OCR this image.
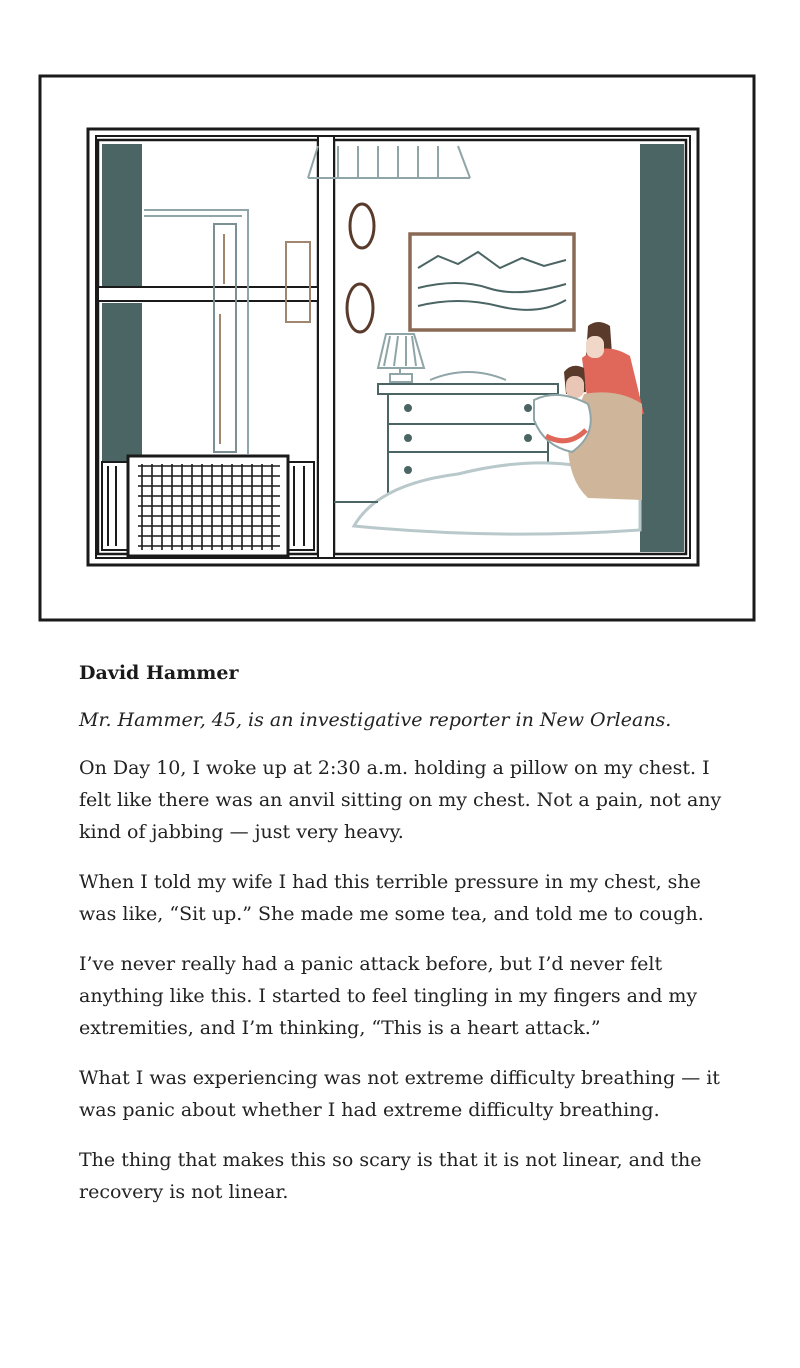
David Hammer
Mr. Hammer, 45, is an investigative reporter in New Orleans.

On Day 10, I woke up at 2:30 a.m. holding a pillow on my chest. I felt like there was an anvil sitting on my chest. Not a pain, not any kind of jabbing — just very heavy.

When I told my wife I had this terrible pressure in my chest, she was like, “Sit up.” She made me some tea, and told me to cough.

I’ve never really had a panic attack before, but I’d never felt anything like this. I started to feel tingling in my fingers and my extremities, and I’m thinking, “This is a heart attack.”

What I was experiencing was not extreme difficulty breathing — it was panic about whether I had extreme difficulty breathing.

The thing that makes this so scary is that it is not linear, and the recovery is not linear.
